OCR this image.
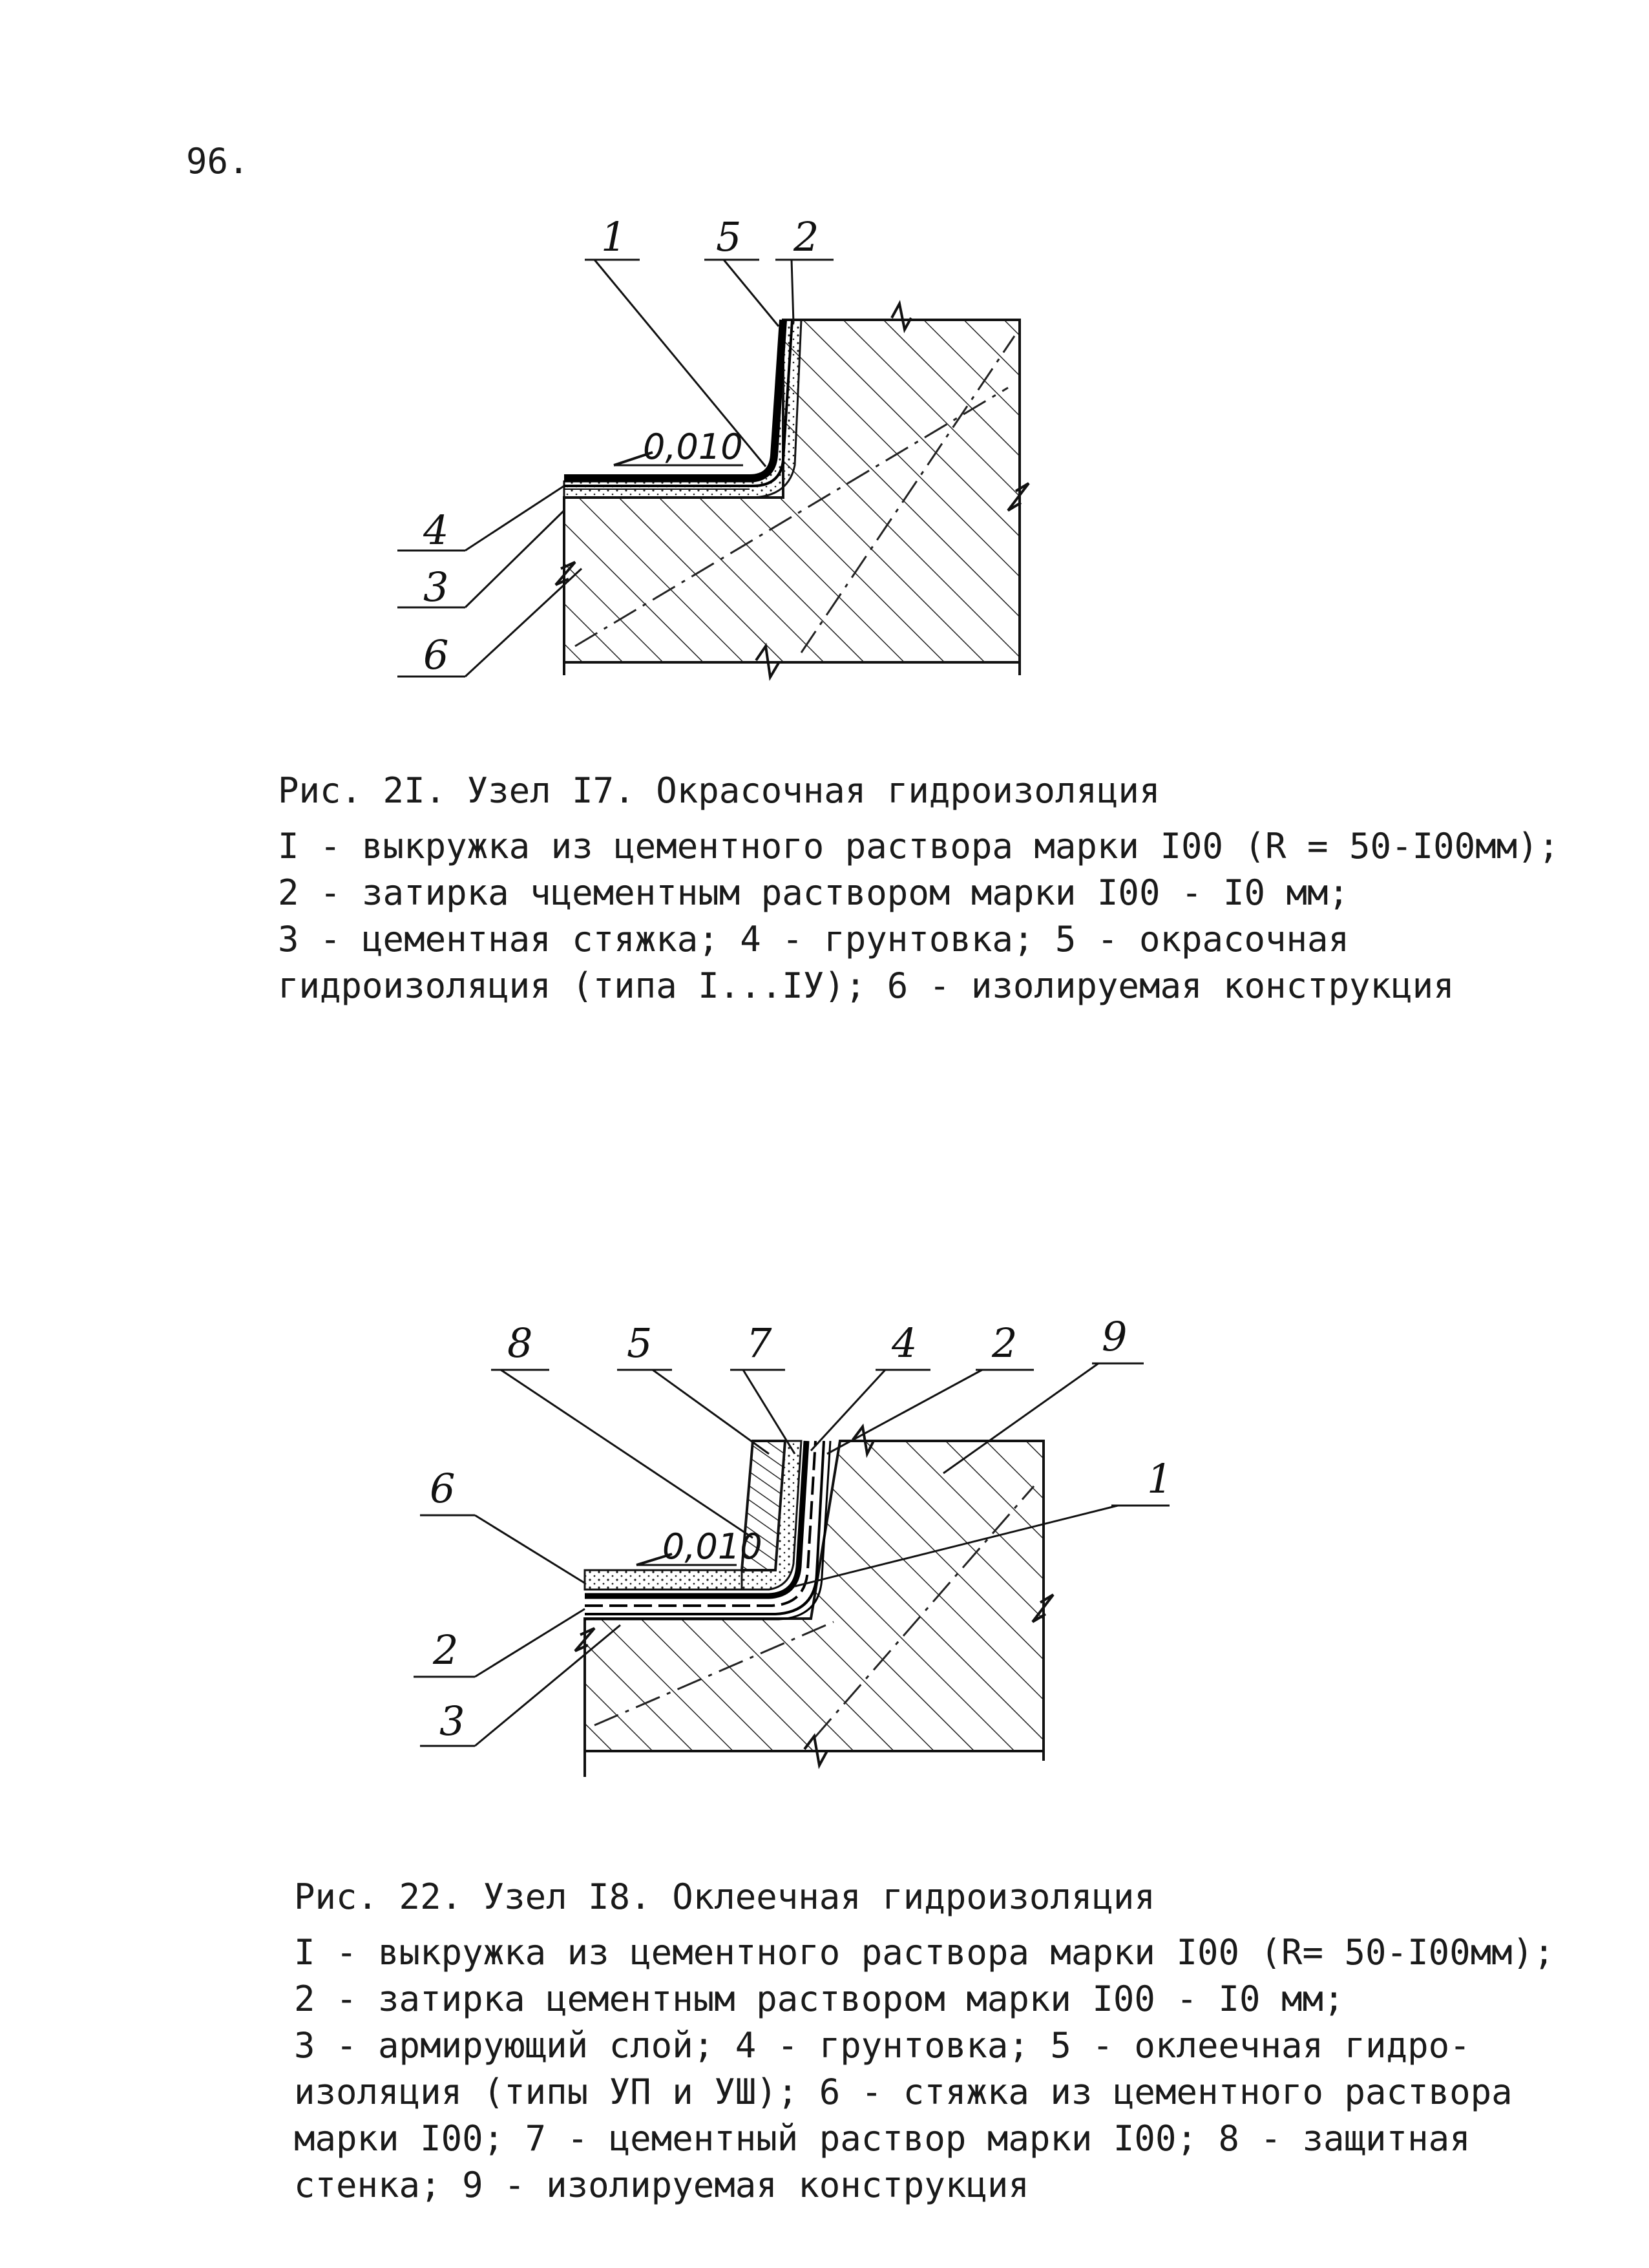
96.
0,010
1 5 2
4
3
6
Рис. 2I. Узел I7. Окрасочная гидроизоляция
I - выкружка из цементного раствора марки I00 (R = 50-I00мм);
2 - затирка чцементным раствором марки I00 - I0 мм;
3 - цементная стяжка; 4 - грунтовка; 5 - окрасочная
гидроизоляция (типа I...IУ); 6 - изолируемая конструкция
0,010
8 5 7	4 2 9
6	1
2
3
Рис. 22. Узел I8. Оклеечная гидроизоляция
I - выкружка из цементного раствора марки I00 (R= 50-I00мм);
2 - затирка цементным раствором марки I00 - I0 мм;
3 - армирующий слой; 4 - грунтовка; 5 - оклеечная гидро-
изоляция (типы УП и УШ); 6 - стяжка из цементного раствора
марки I00; 7 - цементный раствор марки I00; 8 - защитная
стенка; 9 - изолируемая конструкция
